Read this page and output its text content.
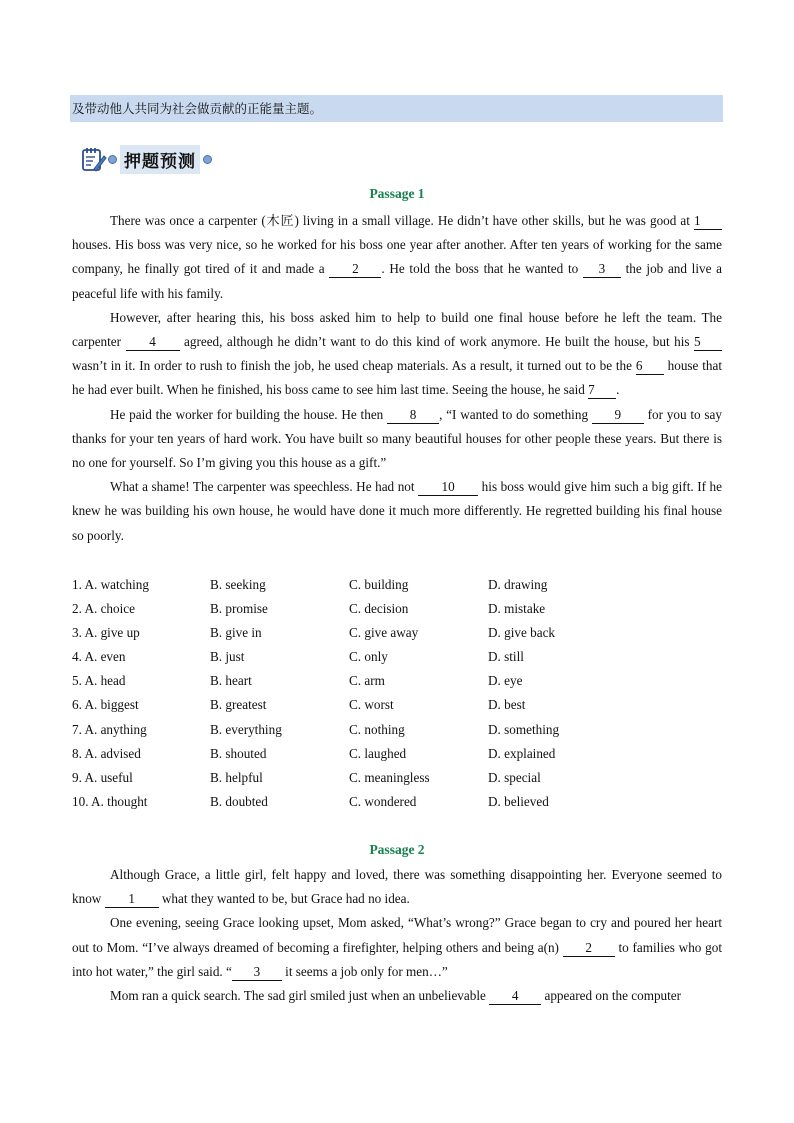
及带动他人共同为社会做贡献的正能量主题。
押题预测
Passage 1

There was once a carpenter (木匠) living in a small village. He didn’t have other skills, but he was good at 1 houses. His boss was very nice, so he worked for his boss one year after another. After ten years of working for the same company, he finally got tired of it and made a 2 . He told the boss that he wanted to 3 the job and live a peaceful life with his family.

However, after hearing this, his boss asked him to help to build one final house before he left the team. The carpenter 4 agreed, although he didn’t want to do this kind of work anymore. He built the house, but his 5 wasn’t in it. In order to rush to finish the job, he used cheap materials. As a result, it turned out to be the 6 house that he had ever built. When he finished, his boss came to see him last time. Seeing the house, he said 7 .

He paid the worker for building the house. He then 8 , “I wanted to do something 9 for you to say thanks for your ten years of hard work. You have built so many beautiful houses for other people these years. But there is no one for yourself. So I’m giving you this house as a gift.”

What a shame! The carpenter was speechless. He had not 10 his boss would give him such a big gift. If he knew he was building his own house, he would have done it much more differently. He regretted building his final house so poorly.

1. A. watching	B. seeking	C. building	D. drawing
2. A. choice	B. promise	C. decision	D. mistake
3. A. give up	B. give in	C. give away	D. give back
4. A. even	B. just	C. only	D. still
5. A. head	B. heart	C. arm	D. eye
6. A. biggest	B. greatest	C. worst	D. best
7. A. anything	B. everything	C. nothing	D. something
8. A. advised	B. shouted	C. laughed	D. explained
9. A. useful	B. helpful	C. meaningless	D. special
10. A. thought	B. doubted	C. wondered	D. believed
Passage 2

Although Grace, a little girl, felt happy and loved, there was something disappointing her. Everyone seemed to know 1 what they wanted to be, but Grace had no idea.

One evening, seeing Grace looking upset, Mom asked, “What’s wrong?” Grace began to cry and poured her heart out to Mom. “I’ve always dreamed of becoming a firefighter, helping others and being a(n) 2 to families who got into hot water,” the girl said. “ 3 it seems a job only for men…”

Mom ran a quick search. The sad girl smiled just when an unbelievable 4 appeared on the computer
